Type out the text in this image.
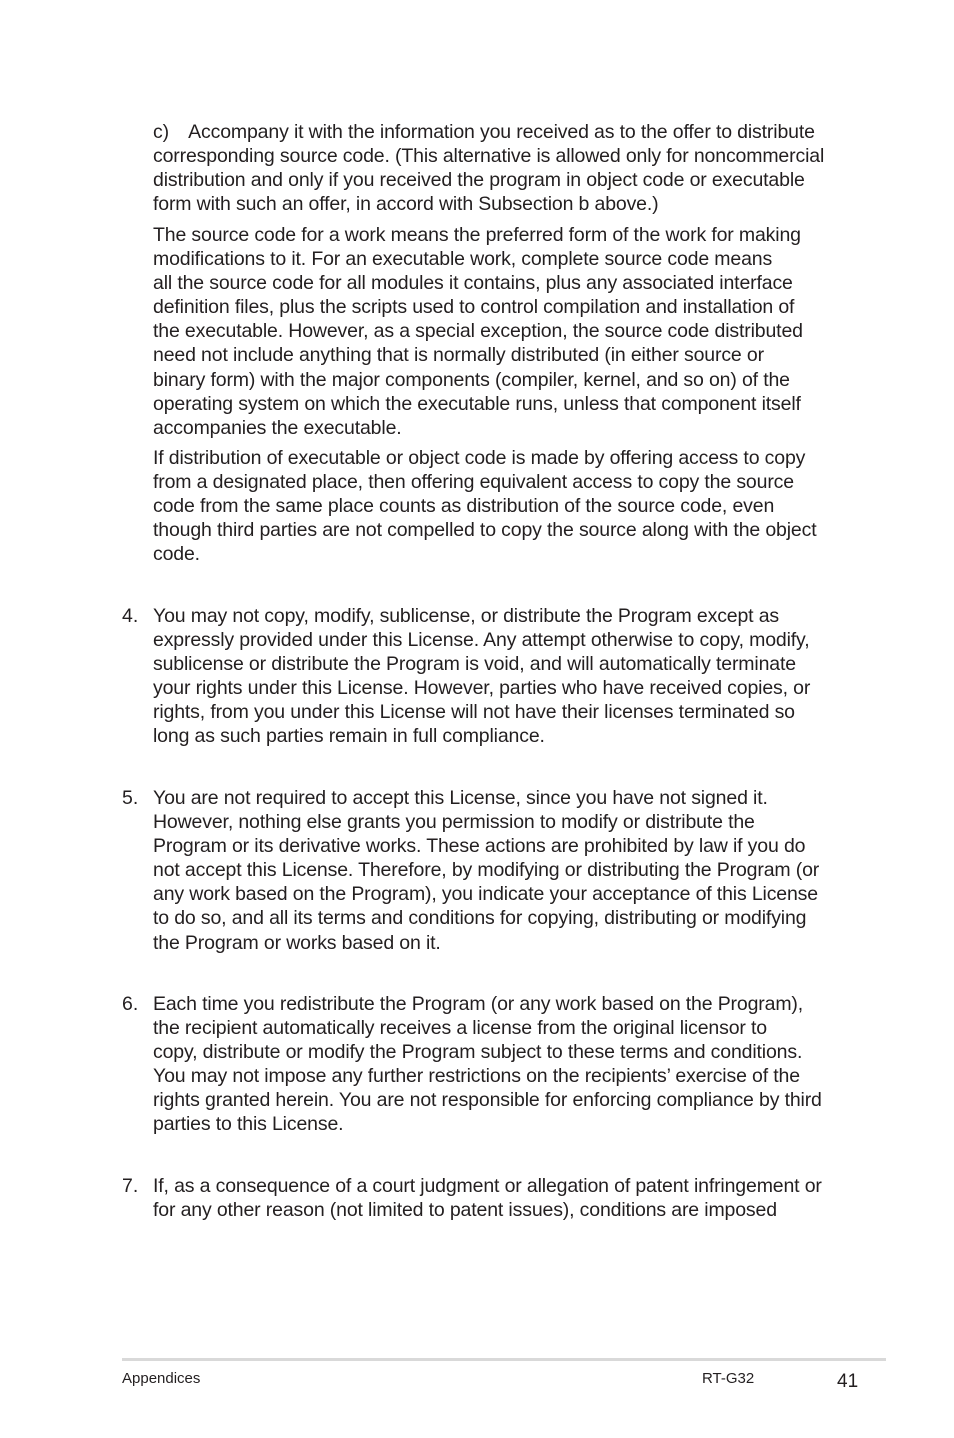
c)  Accompany it with the information you received as to the offer to distribute
corresponding source code. (This alternative is allowed only for noncommercial
distribution and only if you received the program in object code or executable
form with such an offer, in accord with Subsection b above.)

The source code for a work means the preferred form of the work for making
modifications to it. For an executable work, complete source code means
all the source code for all modules it contains, plus any associated interface
definition files, plus the scripts used to control compilation and installation of
the executable. However, as a special exception, the source code distributed
need not include anything that is normally distributed (in either source or
binary form) with the major components (compiler, kernel, and so on) of the
operating system on which the executable runs, unless that component itself
accompanies the executable.

If distribution of executable or object code is made by offering access to copy
from a designated place, then offering equivalent access to copy the source
code from the same place counts as distribution of the source code, even
though third parties are not compelled to copy the source along with the object
code.

4. You may not copy, modify, sublicense, or distribute the Program except as
expressly provided under this License. Any attempt otherwise to copy, modify,
sublicense or distribute the Program is void, and will automatically terminate
your rights under this License. However, parties who have received copies, or
rights, from you under this License will not have their licenses terminated so
long as such parties remain in full compliance.

5. You are not required to accept this License, since you have not signed it.
However, nothing else grants you permission to modify or distribute the
Program or its derivative works. These actions are prohibited by law if you do
not accept this License. Therefore, by modifying or distributing the Program (or
any work based on the Program), you indicate your acceptance of this License
to do so, and all its terms and conditions for copying, distributing or modifying
the Program or works based on it.

6. Each time you redistribute the Program (or any work based on the Program),
the recipient automatically receives a license from the original licensor to
copy, distribute or modify the Program subject to these terms and conditions.
You may not impose any further restrictions on the recipients’ exercise of the
rights granted herein. You are not responsible for enforcing compliance by third
parties to this License.

7. If, as a consequence of a court judgment or allegation of patent infringement or
for any other reason (not limited to patent issues), conditions are imposed

Appendices	RT-G32	41
